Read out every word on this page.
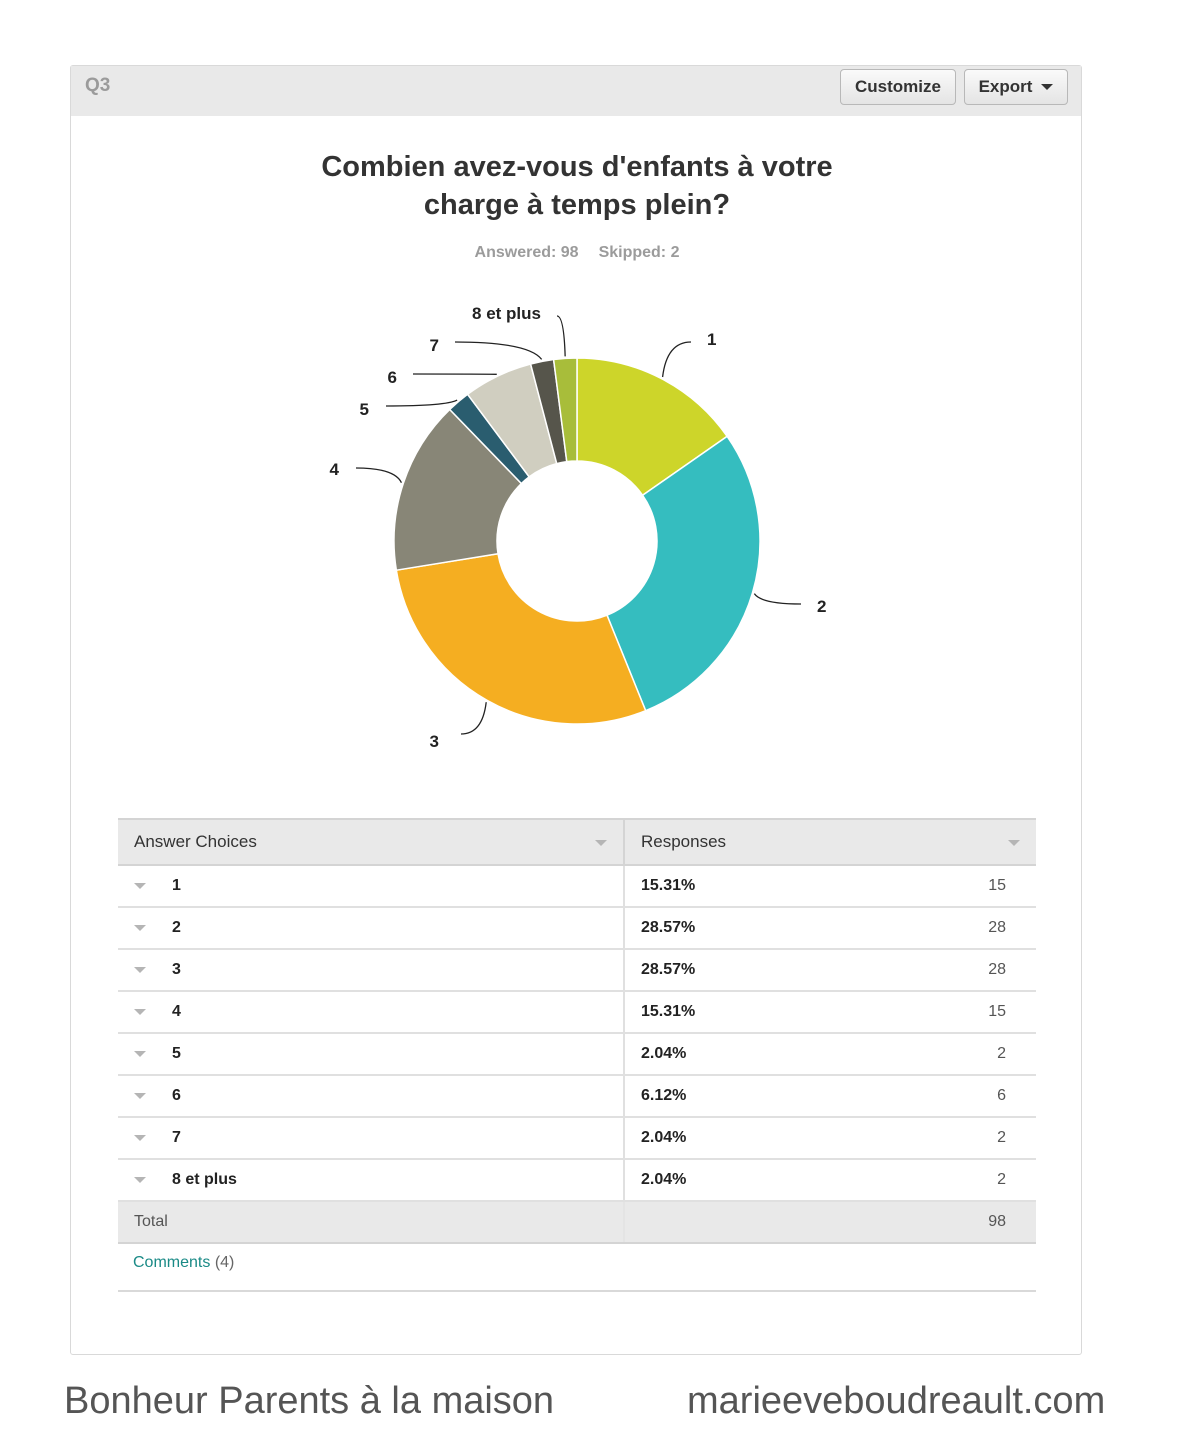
Q3	Customize	Export
Combien avez-vous d'enfants à votre
charge à temps plein?
Answered: 98 Skipped: 2
1
2
3
4
5
6
7
8 et plus
Answer Choices	Responses

1	15.31% 15

2	28.57% 28

3	28.57% 28

4	15.31% 15

5	2.04% 2

6	6.12% 6

7	2.04% 2

8 et plus	2.04% 2

Total	98
Comments (4)
Bonheur Parents à la maison	marieeveboudreault.com
